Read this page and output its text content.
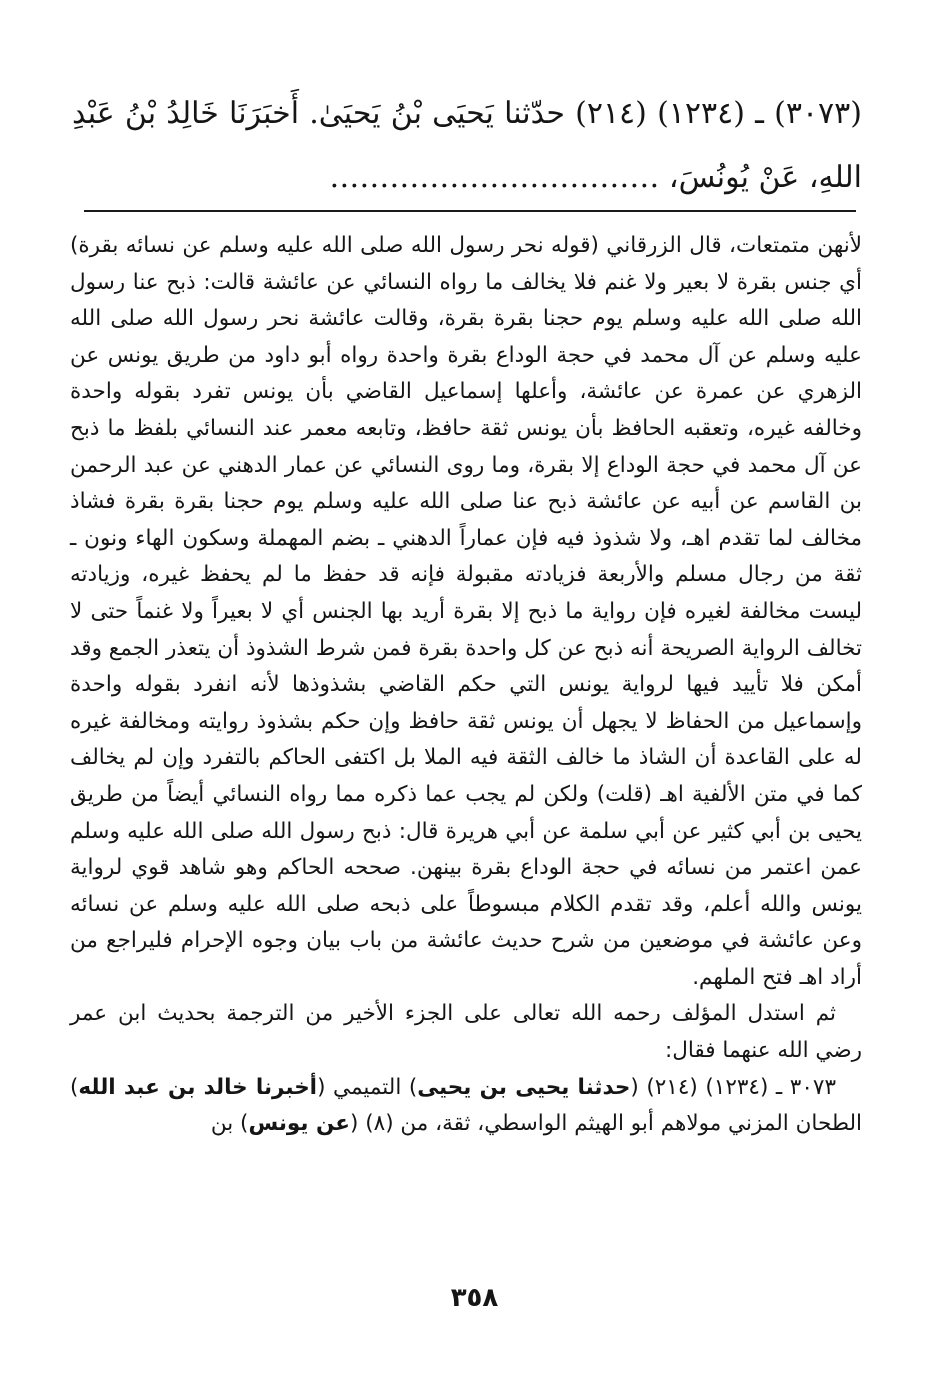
(٣٠٧٣) ـ (١٢٣٤) (٢١٤) حدّثنا يَحيَى بْنُ يَحيَىٰ. أَخبَرَنَا خَالِدُ بْنُ عَبْدِ اللهِ، عَنْ يُونُسَ، ……………………………

لأنهن متمتعات، قال الزرقاني (قوله نحر رسول الله صلى الله عليه وسلم عن نسائه بقرة) أي جنس بقرة لا بعير ولا غنم فلا يخالف ما رواه النسائي عن عائشة قالت: ذبح عنا رسول الله صلى الله عليه وسلم يوم حجنا بقرة بقرة، وقالت عائشة نحر رسول الله صلى الله عليه وسلم عن آل محمد في حجة الوداع بقرة واحدة رواه أبو داود من طريق يونس عن الزهري عن عمرة عن عائشة، وأعلها إسماعيل القاضي بأن يونس تفرد بقوله واحدة وخالفه غيره، وتعقبه الحافظ بأن يونس ثقة حافظ، وتابعه معمر عند النسائي بلفظ ما ذبح عن آل محمد في حجة الوداع إلا بقرة، وما روى النسائي عن عمار الدهني عن عبد الرحمن بن القاسم عن أبيه عن عائشة ذبح عنا صلى الله عليه وسلم يوم حجنا بقرة بقرة فشاذ مخالف لما تقدم اهـ، ولا شذوذ فيه فإن عماراً الدهني ـ بضم المهملة وسكون الهاء ونون ـ ثقة من رجال مسلم والأربعة فزيادته مقبولة فإنه قد حفظ ما لم يحفظ غيره، وزيادته ليست مخالفة لغيره فإن رواية ما ذبح إلا بقرة أريد بها الجنس أي لا بعيراً ولا غنماً حتى لا تخالف الرواية الصريحة أنه ذبح عن كل واحدة بقرة فمن شرط الشذوذ أن يتعذر الجمع وقد أمكن فلا تأييد فيها لرواية يونس التي حكم القاضي بشذوذها لأنه انفرد بقوله واحدة وإسماعيل من الحفاظ لا يجهل أن يونس ثقة حافظ وإن حكم بشذوذ روايته ومخالفة غيره له على القاعدة أن الشاذ ما خالف الثقة فيه الملا بل اكتفى الحاكم بالتفرد وإن لم يخالف كما في متن الألفية اهـ (قلت) ولكن لم يجب عما ذكره مما رواه النسائي أيضاً من طريق يحيى بن أبي كثير عن أبي سلمة عن أبي هريرة قال: ذبح رسول الله صلى الله عليه وسلم عمن اعتمر من نسائه في حجة الوداع بقرة بينهن. صححه الحاكم وهو شاهد قوي لرواية يونس والله أعلم، وقد تقدم الكلام مبسوطاً على ذبحه صلى الله عليه وسلم عن نسائه وعن عائشة في موضعين من شرح حديث عائشة من باب بيان وجوه الإحرام فليراجع من أراد اهـ فتح الملهم.

ثم استدل المؤلف رحمه الله تعالى على الجزء الأخير من الترجمة بحديث ابن عمر رضي الله عنهما فقال:

٣٠٧٣ ـ (١٢٣٤) (٢١٤) (حدثنا يحيى بن يحيى) التميمي (أخبرنا خالد بن عبد الله) الطحان المزني مولاهم أبو الهيثم الواسطي، ثقة، من (٨) (عن يونس) بن

٣٥٨
